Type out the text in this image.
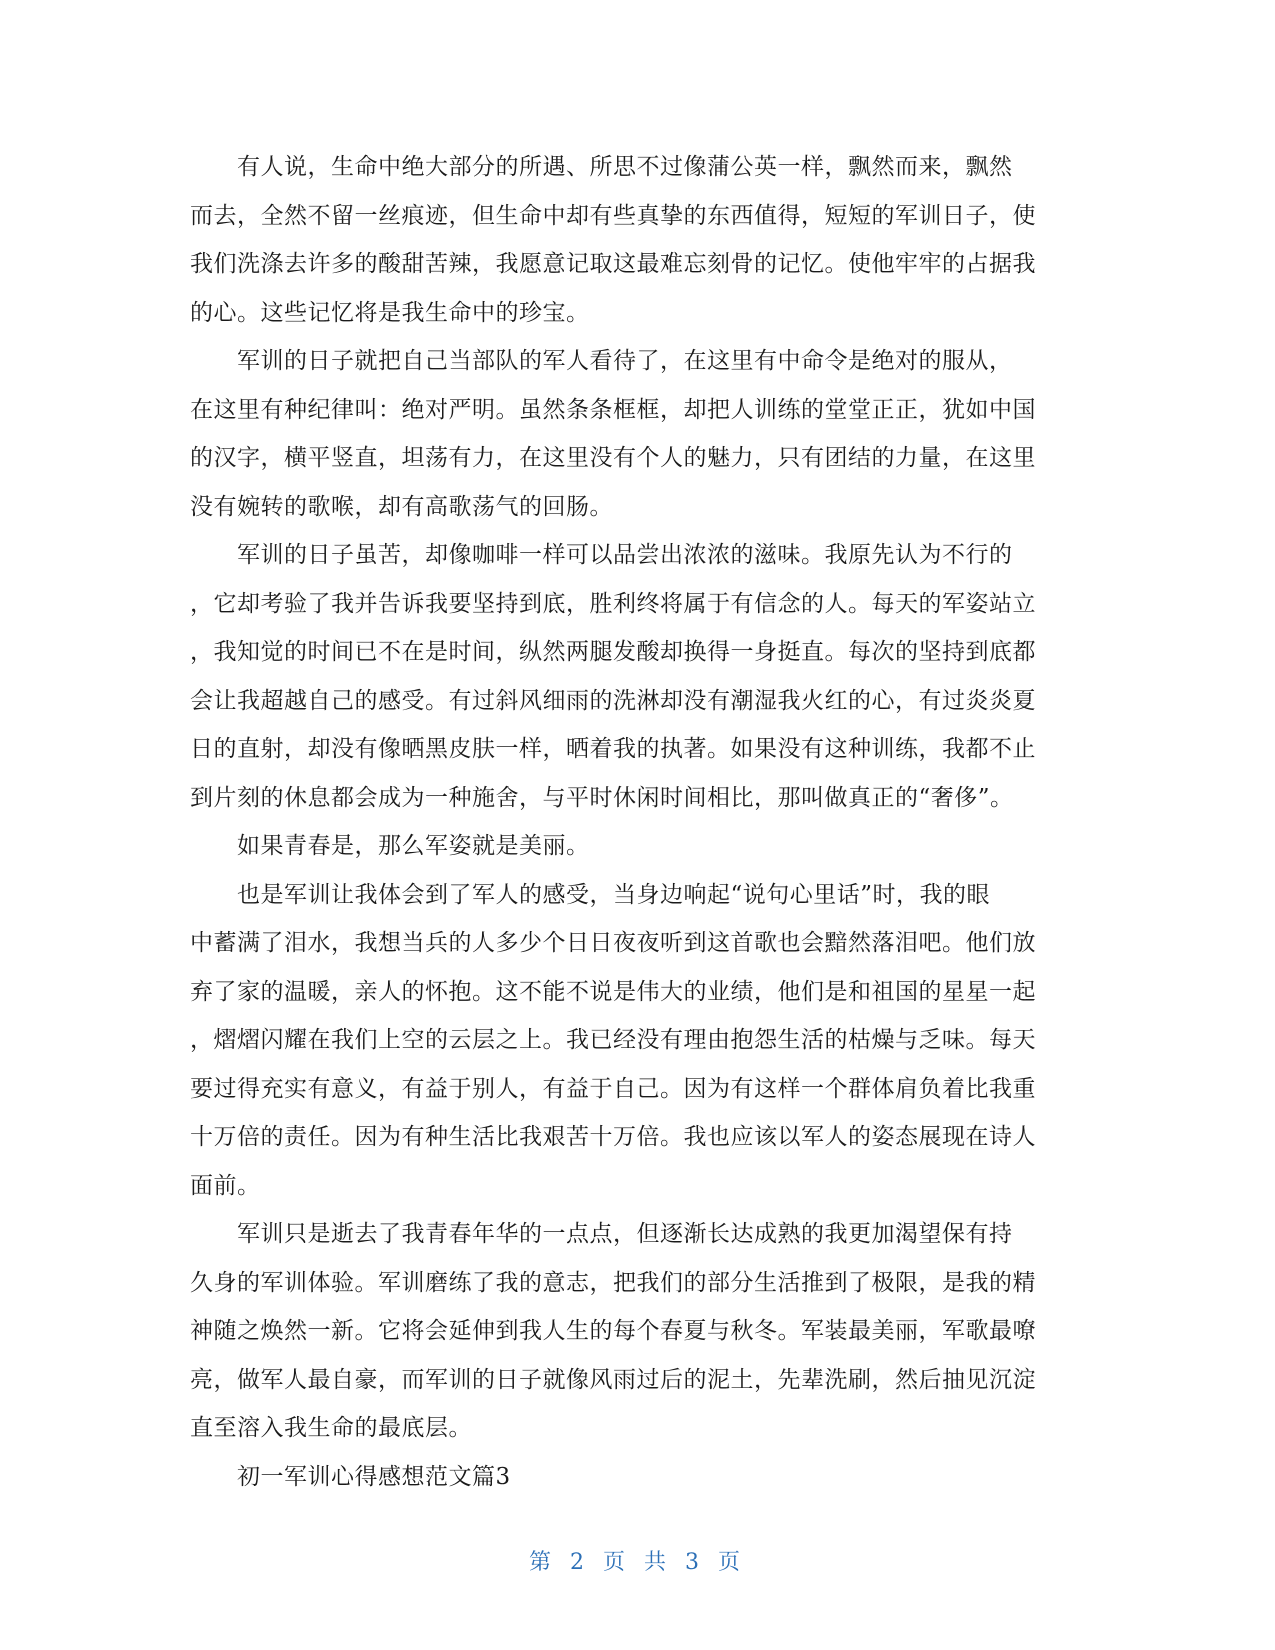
　　有人说，生命中绝大部分的所遇、所思不过像蒲公英一样，飘然而来，飘然
而去，全然不留一丝痕迹，但生命中却有些真挚的东西值得，短短的军训日子，使
我们洗涤去许多的酸甜苦辣，我愿意记取这最难忘刻骨的记忆。使他牢牢的占据我
的心。这些记忆将是我生命中的珍宝。

　　军训的日子就把自己当部队的军人看待了，在这里有中命令是绝对的服从，
在这里有种纪律叫：绝对严明。虽然条条框框，却把人训练的堂堂正正，犹如中国
的汉字，横平竖直，坦荡有力，在这里没有个人的魅力，只有团结的力量，在这里
没有婉转的歌喉，却有高歌荡气的回肠。

　　军训的日子虽苦，却像咖啡一样可以品尝出浓浓的滋味。我原先认为不行的
，它却考验了我并告诉我要坚持到底，胜利终将属于有信念的人。每天的军姿站立
，我知觉的时间已不在是时间，纵然两腿发酸却换得一身挺直。每次的坚持到底都
会让我超越自己的感受。有过斜风细雨的洗淋却没有潮湿我火红的心，有过炎炎夏
日的直射，却没有像晒黑皮肤一样，晒着我的执著。如果没有这种训练，我都不止
到片刻的休息都会成为一种施舍，与平时休闲时间相比，那叫做真正的“奢侈”。

　　如果青春是，那么军姿就是美丽。

　　也是军训让我体会到了军人的感受，当身边响起“说句心里话”时，我的眼
中蓄满了泪水，我想当兵的人多少个日日夜夜听到这首歌也会黯然落泪吧。他们放
弃了家的温暖，亲人的怀抱。这不能不说是伟大的业绩，他们是和祖国的星星一起
，熠熠闪耀在我们上空的云层之上。我已经没有理由抱怨生活的枯燥与乏味。每天
要过得充实有意义，有益于别人，有益于自己。因为有这样一个群体肩负着比我重
十万倍的责任。因为有种生活比我艰苦十万倍。我也应该以军人的姿态展现在诗人
面前。

　　军训只是逝去了我青春年华的一点点，但逐渐长达成熟的我更加渴望保有持
久身的军训体验。军训磨练了我的意志，把我们的部分生活推到了极限，是我的精
神随之焕然一新。它将会延伸到我人生的每个春夏与秋冬。军装最美丽，军歌最嘹
亮，做军人最自豪，而军训的日子就像风雨过后的泥土，先辈洗刷，然后抽见沉淀
直至溶入我生命的最底层。

　　初一军训心得感想范文篇3

第 2 页 共 3 页
